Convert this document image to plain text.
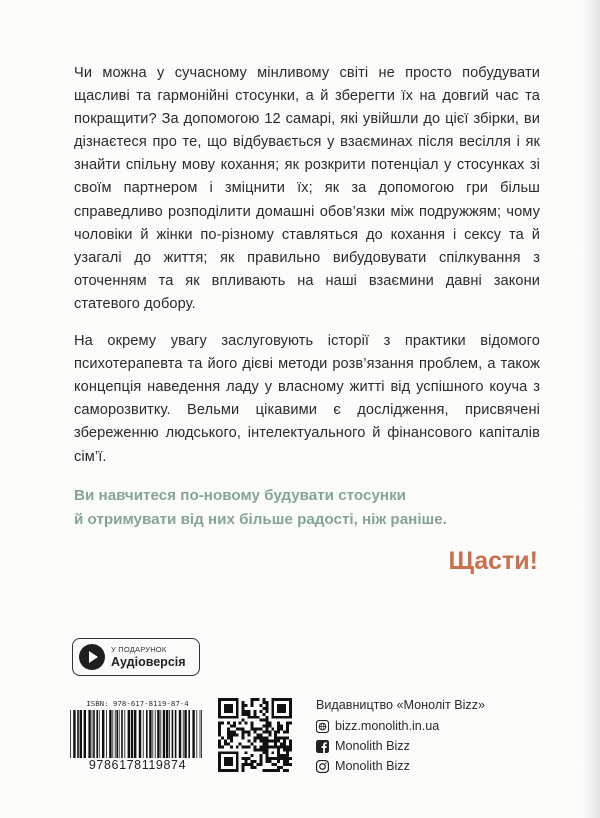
Чи можна у сучасному мінливому світі не просто побудувати щасливі та гармонійні стосунки, а й зберегти їх на довгий час та покращити? За допомогою 12 самарі, які увійшли до цієї збірки, ви дізнаєтеся про те, що відбувається у взаєминах після весілля і як знайти спільну мову кохання; як розкрити потенціал у стосунках зі своїм партнером і зміцнити їх; як за допомогою гри більш справедливо розподілити домашні обов’язки між подружжям; чому чоловіки й жінки по-різному ставляться до кохання і сексу та й узагалі до життя; як правильно вибудовувати спілкування з оточенням та як впливають на наші взаємини давні закони статевого добору.

На окрему увагу заслуговують історії з практики відомого психотерапевта та його дієві методи розв’язання проблем, а також концепція наведення ладу у власному житті від успішного коуча з саморозвитку. Вельми цікавими є дослідження, присвячені збереженню людського, інтелектуального й фінансового капіталів сім’ї.

Ви навчитеся по-новому будувати стосунки
й отримувати від них більше радості, ніж раніше.
Щасти!
У ПОДАРУНОК
Аудіоверсія
ISBN: 978-617-8119-87-4
9786178119874
Видавництво «Моноліт Bizz»
bizz.monolith.in.ua
Monolith Bizz
Monolith Bizz
